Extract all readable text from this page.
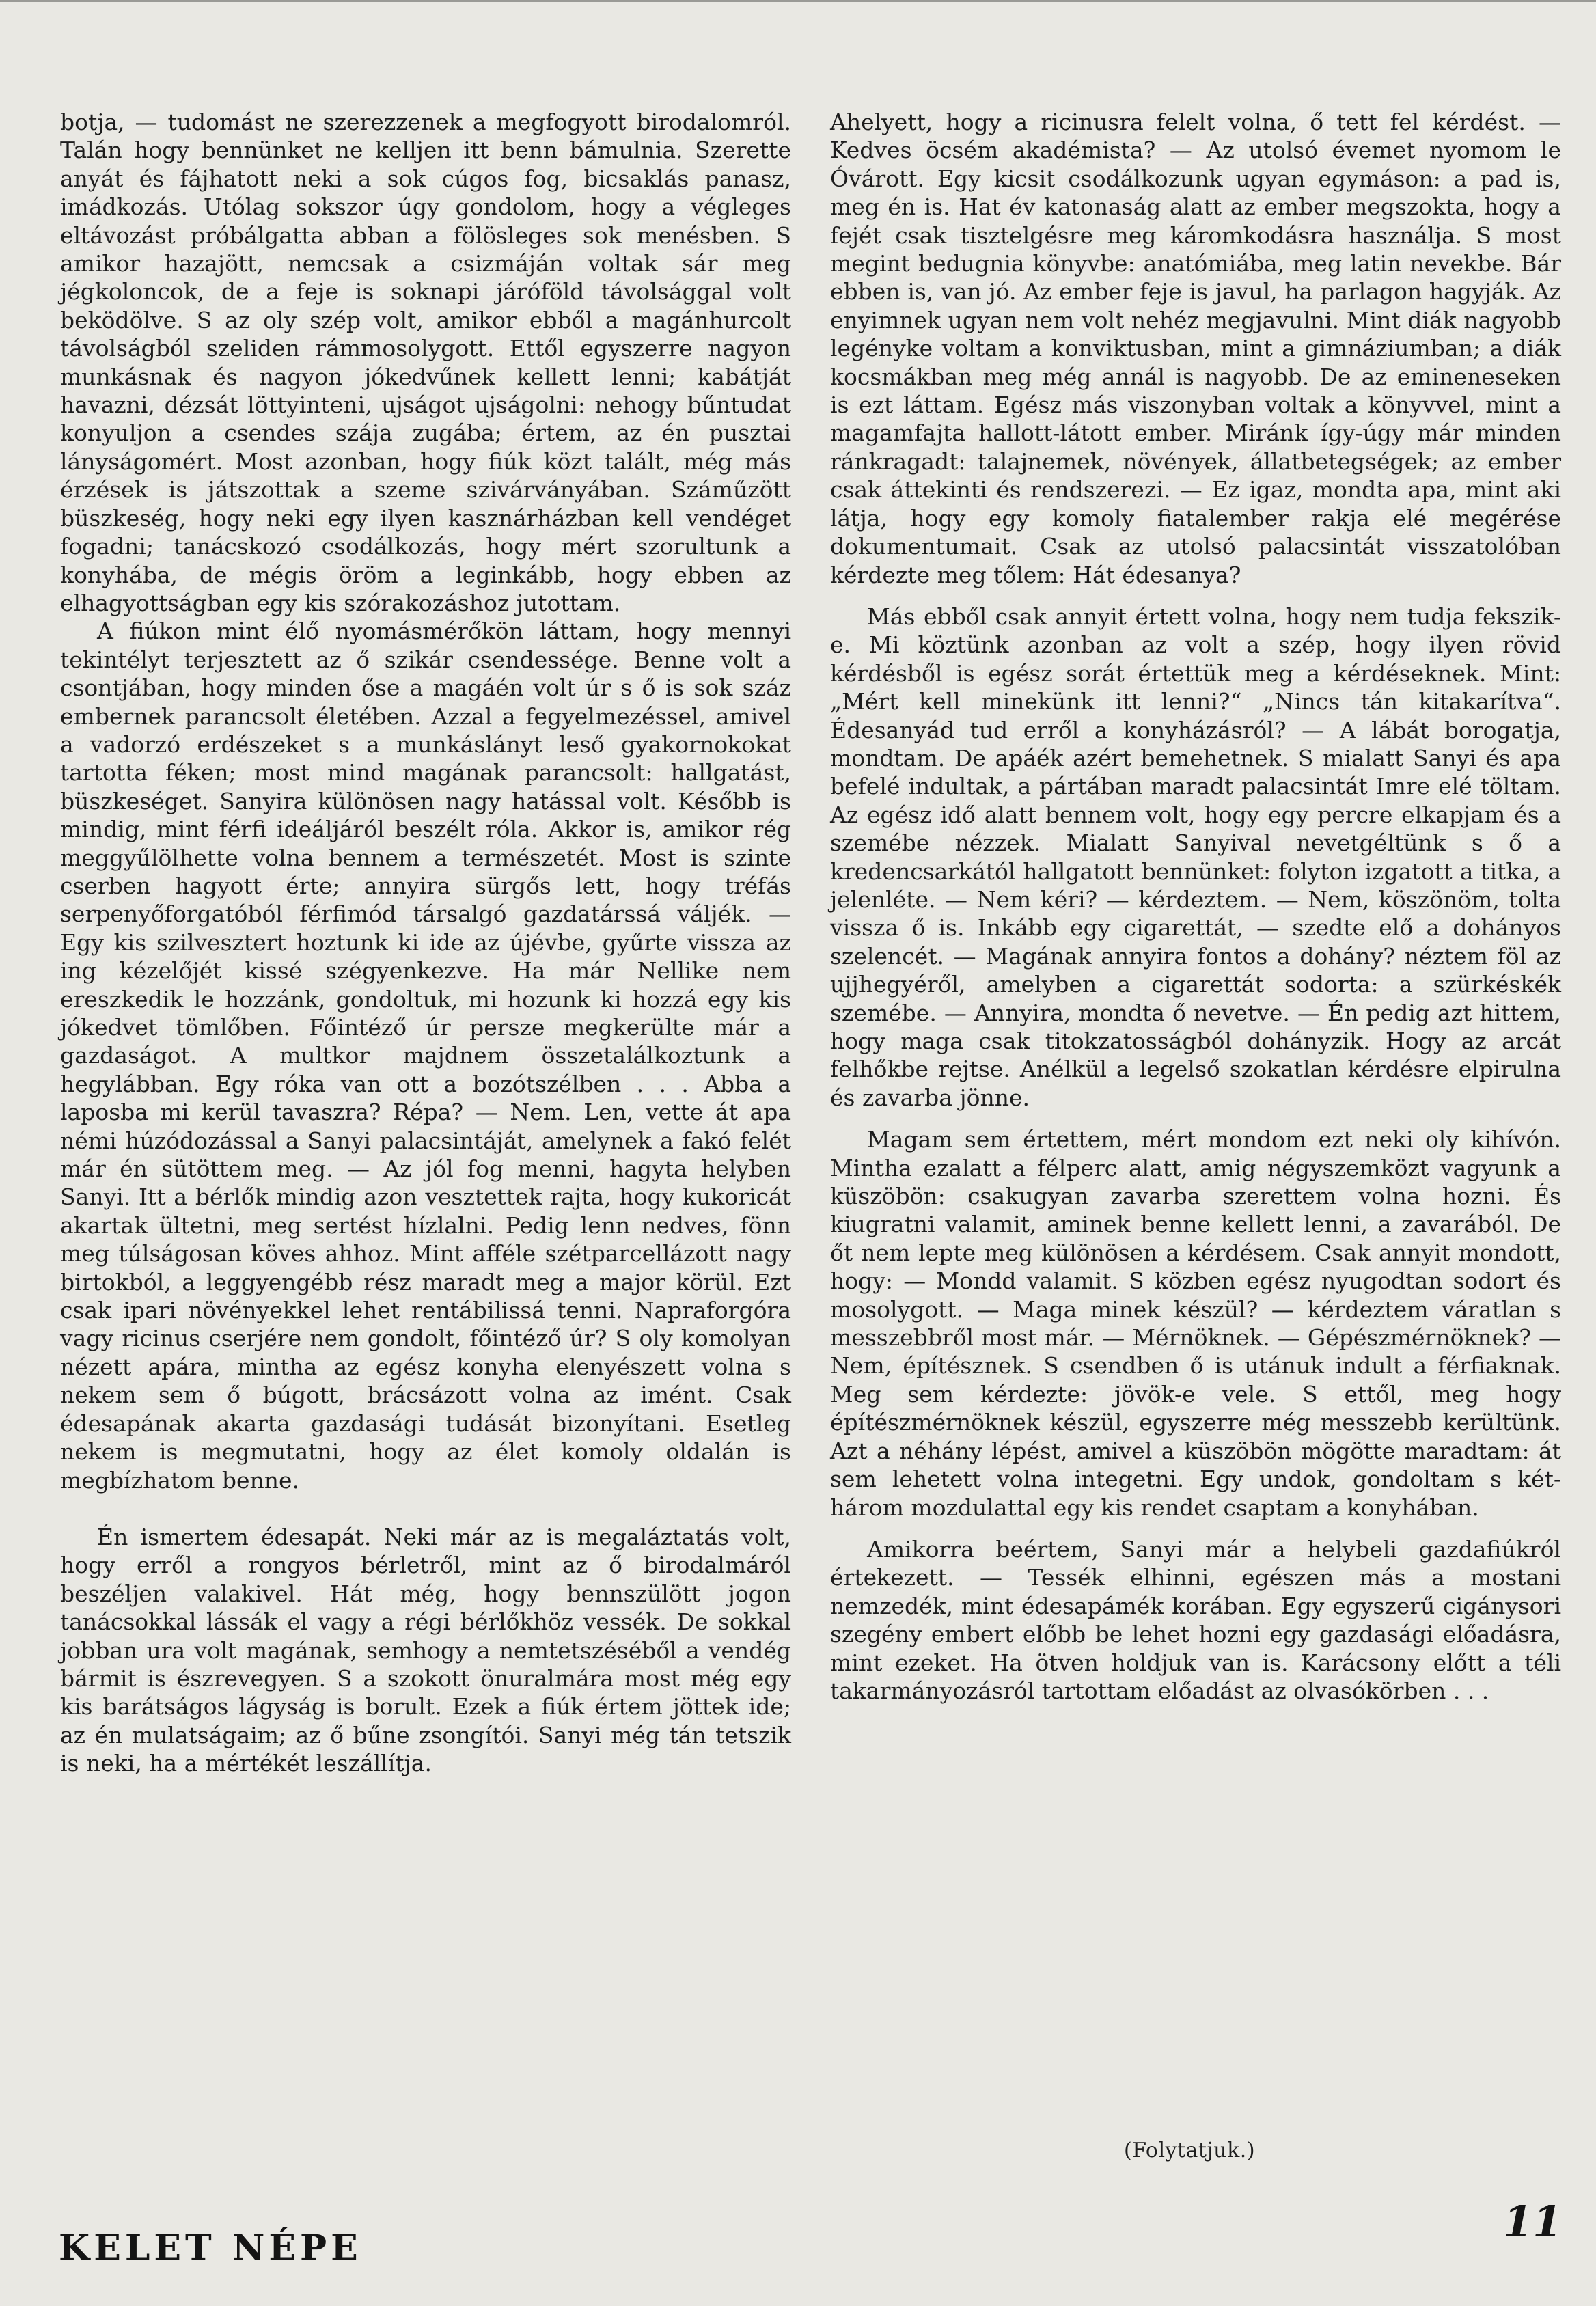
botja, — tudomást ne szerezzenek a megfogyott birodalomról. Talán hogy bennünket ne kelljen itt benn bámulnia. Szerette anyát és fájhatott neki a sok cúgos fog, bicsaklás panasz, imádkozás. Utólag sokszor úgy gondolom, hogy a végleges eltávozást próbálgatta abban a fölösleges sok menésben. S amikor hazajött, nemcsak a csizmáján voltak sár meg jégkoloncok, de a feje is soknapi járóföld távolsággal volt beködölve. S az oly szép volt, amikor ebből a magánhurcolt távolságból szeliden rámmosolygott. Ettől egyszerre nagyon munkásnak és nagyon jókedvűnek kellett lenni; kabátját havazni, dézsát löttyinteni, ujságot ujságolni: nehogy bűntudat konyuljon a csendes szája zugába; értem, az én pusztai lányságomért. Most azonban, hogy fiúk közt talált, még más érzések is játszottak a szeme szivárványában. Száműzött büszkeség, hogy neki egy ilyen kasznárházban kell vendéget fogadni; tanácskozó csodálkozás, hogy mért szorultunk a konyhába, de mégis öröm a leginkább, hogy ebben az elhagyottságban egy kis szórakozáshoz jutottam.

A fiúkon mint élő nyomásmérőkön láttam, hogy mennyi tekintélyt terjesztett az ő szikár csendessége. Benne volt a csontjában, hogy minden őse a magáén volt úr s ő is sok száz embernek parancsolt életében. Azzal a fegyelmezéssel, amivel a vadorzó erdészeket s a munkáslányt leső gyakornokokat tartotta féken; most mind magának parancsolt: hallgatást, büszkeséget. Sanyira különösen nagy hatással volt. Később is mindig, mint férfi ideáljáról beszélt róla. Akkor is, amikor rég meggyűlölhette volna bennem a természetét. Most is szinte cserben hagyott érte; annyira sürgős lett, hogy tréfás serpenyőforgatóból férfimód társalgó gazdatárssá váljék. — Egy kis szilvesztert hoztunk ki ide az újévbe, gyűrte vissza az ing kézelőjét kissé szégyenkezve. Ha már Nellike nem ereszkedik le hozzánk, gondoltuk, mi hozunk ki hozzá egy kis jókedvet tömlőben. Főintéző úr persze megkerülte már a gazdaságot. A multkor majdnem összetalálkoztunk a hegylábban. Egy róka van ott a bozótszélben . . . Abba a laposba mi kerül tavaszra? Répa? — Nem. Len, vette át apa némi húzódozással a Sanyi palacsintáját, amelynek a fakó felét már én sütöttem meg. — Az jól fog menni, hagyta helyben Sanyi. Itt a bérlők mindig azon vesztettek rajta, hogy kukoricát akartak ültetni, meg sertést hízlalni. Pedig lenn nedves, fönn meg túlságosan köves ahhoz. Mint afféle szétparcellázott nagy birtokból, a leggyengébb rész maradt meg a major körül. Ezt csak ipari növényekkel lehet rentábilissá tenni. Napraforgóra vagy ricinus cserjére nem gondolt, főintéző úr? S oly komolyan nézett apára, mintha az egész konyha elenyészett volna s nekem sem ő búgott, brácsázott volna az imént. Csak édesapának akarta gazdasági tudását bizonyítani. Esetleg nekem is megmutatni, hogy az élet komoly oldalán is megbízhatom benne.

Én ismertem édesapát. Neki már az is megaláztatás volt, hogy erről a rongyos bérletről, mint az ő birodalmáról beszéljen valakivel. Hát még, hogy bennszülött jogon tanácsokkal lássák el vagy a régi bérlőkhöz vessék. De sokkal jobban ura volt magának, semhogy a nemtetszéséből a vendég bármit is észrevegyen. S a szokott önuralmára most még egy kis barátságos lágyság is borult. Ezek a fiúk értem jöttek ide; az én mulatságaim; az ő bűne zsongítói. Sanyi még tán tetszik is neki, ha a mértékét leszállítja.

Ahelyett, hogy a ricinusra felelt volna, ő tett fel kérdést. — Kedves öcsém akadémista? — Az utolsó évemet nyomom le Óvárott. Egy kicsit csodálkozunk ugyan egymáson: a pad is, meg én is. Hat év katonaság alatt az ember megszokta, hogy a fejét csak tisztelgésre meg káromkodásra használja. S most megint bedugnia könyvbe: anatómiába, meg latin nevekbe. Bár ebben is, van jó. Az ember feje is javul, ha parlagon hagyják. Az enyimnek ugyan nem volt nehéz megjavulni. Mint diák nagyobb legényke voltam a konviktusban, mint a gimnáziumban; a diák kocsmákban meg még annál is nagyobb. De az emineneseken is ezt láttam. Egész más viszonyban voltak a könyvvel, mint a magamfajta hallott-látott ember. Miránk így-úgy már minden ránkragadt: talajnemek, növények, állatbetegségek; az ember csak áttekinti és rendszerezi. — Ez igaz, mondta apa, mint aki látja, hogy egy komoly fiatalember rakja elé megérése dokumentumait. Csak az utolsó palacsintát visszatolóban kérdezte meg tőlem: Hát édesanya?

Más ebből csak annyit értett volna, hogy nem tudja fekszik-e. Mi köztünk azonban az volt a szép, hogy ilyen rövid kérdésből is egész sorát értettük meg a kérdéseknek. Mint: „Mért kell minekünk itt lenni?“ „Nincs tán kitakarítva“. Édesanyád tud erről a konyházásról? — A lábát borogatja, mondtam. De apáék azért bemehetnek. S mialatt Sanyi és apa befelé indultak, a pártában maradt palacsintát Imre elé töltam. Az egész idő alatt bennem volt, hogy egy percre elkapjam és a szemébe nézzek. Mialatt Sanyival nevetgéltünk s ő a kredencsarkától hallgatott bennünket: folyton izgatott a titka, a jelenléte. — Nem kéri? — kérdeztem. — Nem, köszönöm, tolta vissza ő is. Inkább egy cigarettát, — szedte elő a dohányos szelencét. — Magának annyira fontos a dohány? néztem föl az ujjhegyéről, amelyben a cigarettát sodorta: a szürkéskék szemébe. — Annyira, mondta ő nevetve. — Én pedig azt hittem, hogy maga csak titokzatosságból dohányzik. Hogy az arcát felhőkbe rejtse. Anélkül a legelső szokatlan kérdésre elpirulna és zavarba jönne.

Magam sem értettem, mért mondom ezt neki oly kihívón. Mintha ezalatt a félperc alatt, amig négyszemközt vagyunk a küszöbön: csakugyan zavarba szerettem volna hozni. És kiugratni valamit, aminek benne kellett lenni, a zavarából. De őt nem lepte meg különösen a kérdésem. Csak annyit mondott, hogy: — Mondd valamit. S közben egész nyugodtan sodort és mosolygott. — Maga minek készül? — kérdeztem váratlan s messzebbről most már. — Mérnöknek. — Gépészmérnöknek? — Nem, építésznek. S csendben ő is utánuk indult a férfiaknak. Meg sem kérdezte: jövök-e vele. S ettől, meg hogy építészmérnöknek készül, egyszerre még messzebb kerültünk. Azt a néhány lépést, amivel a küszöbön mögötte maradtam: át sem lehetett volna integetni. Egy undok, gondoltam s két-három mozdulattal egy kis rendet csaptam a konyhában.

Amikorra beértem, Sanyi már a helybeli gazdafiúkról értekezett. — Tessék elhinni, egészen más a mostani nemzedék, mint édesapámék korában. Egy egyszerű cigánysori szegény embert előbb be lehet hozni egy gazdasági előadásra, mint ezeket. Ha ötven holdjuk van is. Karácsony előtt a téli takarmányozásról tartottam előadást az olvasókörben . . .

(Folytatjuk.)
KELET NÉPE
11
